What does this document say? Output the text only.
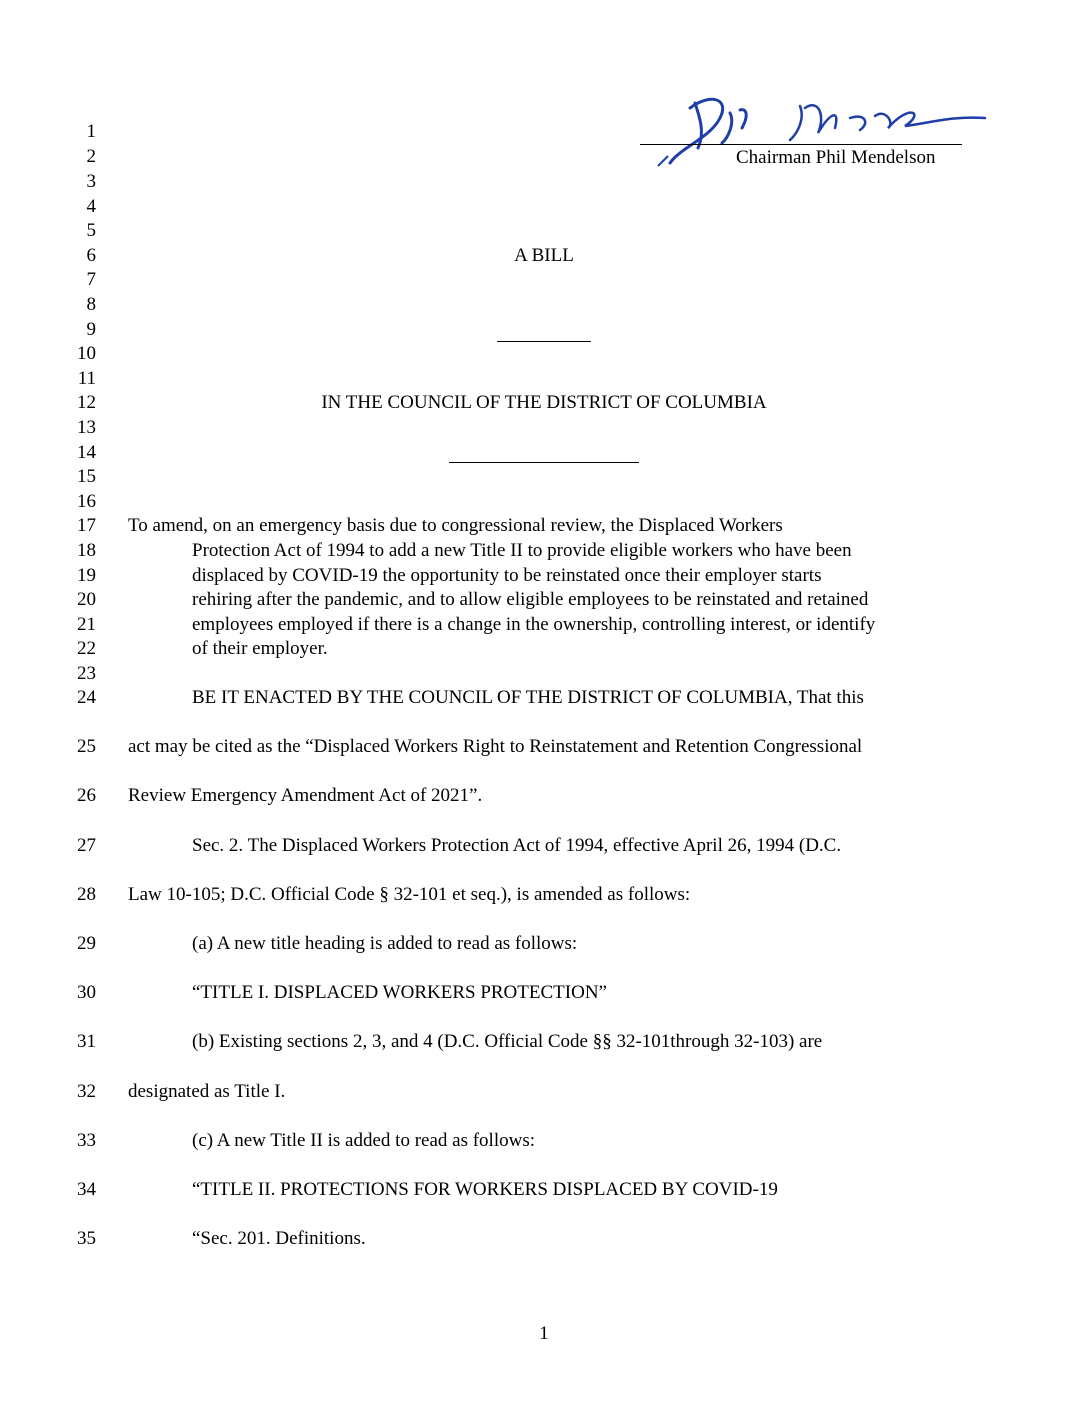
Chairman Phil Mendelson
1
2
3
4
5
6
7
8
9
10
11
12
13
14
15
16
17
18
19
20
21
22
23
24
25
26
27
28
29
30
31
32
33
34
35
A BILL
IN THE COUNCIL OF THE DISTRICT OF COLUMBIA
To amend, on an emergency basis due to congressional review, the Displaced Workers
Protection Act of 1994 to add a new Title II to provide eligible workers who have been
displaced by COVID-19 the opportunity to be reinstated once their employer starts
rehiring after the pandemic, and to allow eligible employees to be reinstated and retained
employees employed if there is a change in the ownership, controlling interest, or identify
of their employer.
BE IT ENACTED BY THE COUNCIL OF THE DISTRICT OF COLUMBIA, That this
act may be cited as the “Displaced Workers Right to Reinstatement and Retention Congressional
Review Emergency Amendment Act of 2021”.
Sec. 2. The Displaced Workers Protection Act of 1994, effective April 26, 1994 (D.C.
Law 10-105; D.C. Official Code § 32-101 et seq.), is amended as follows:
(a) A new title heading is added to read as follows:
“TITLE I. DISPLACED WORKERS PROTECTION”
(b) Existing sections 2, 3, and 4 (D.C. Official Code §§ 32-101through 32-103) are
designated as Title I.
(c) A new Title II is added to read as follows:
“TITLE II. PROTECTIONS FOR WORKERS DISPLACED BY COVID-19
“Sec. 201. Definitions.
1
